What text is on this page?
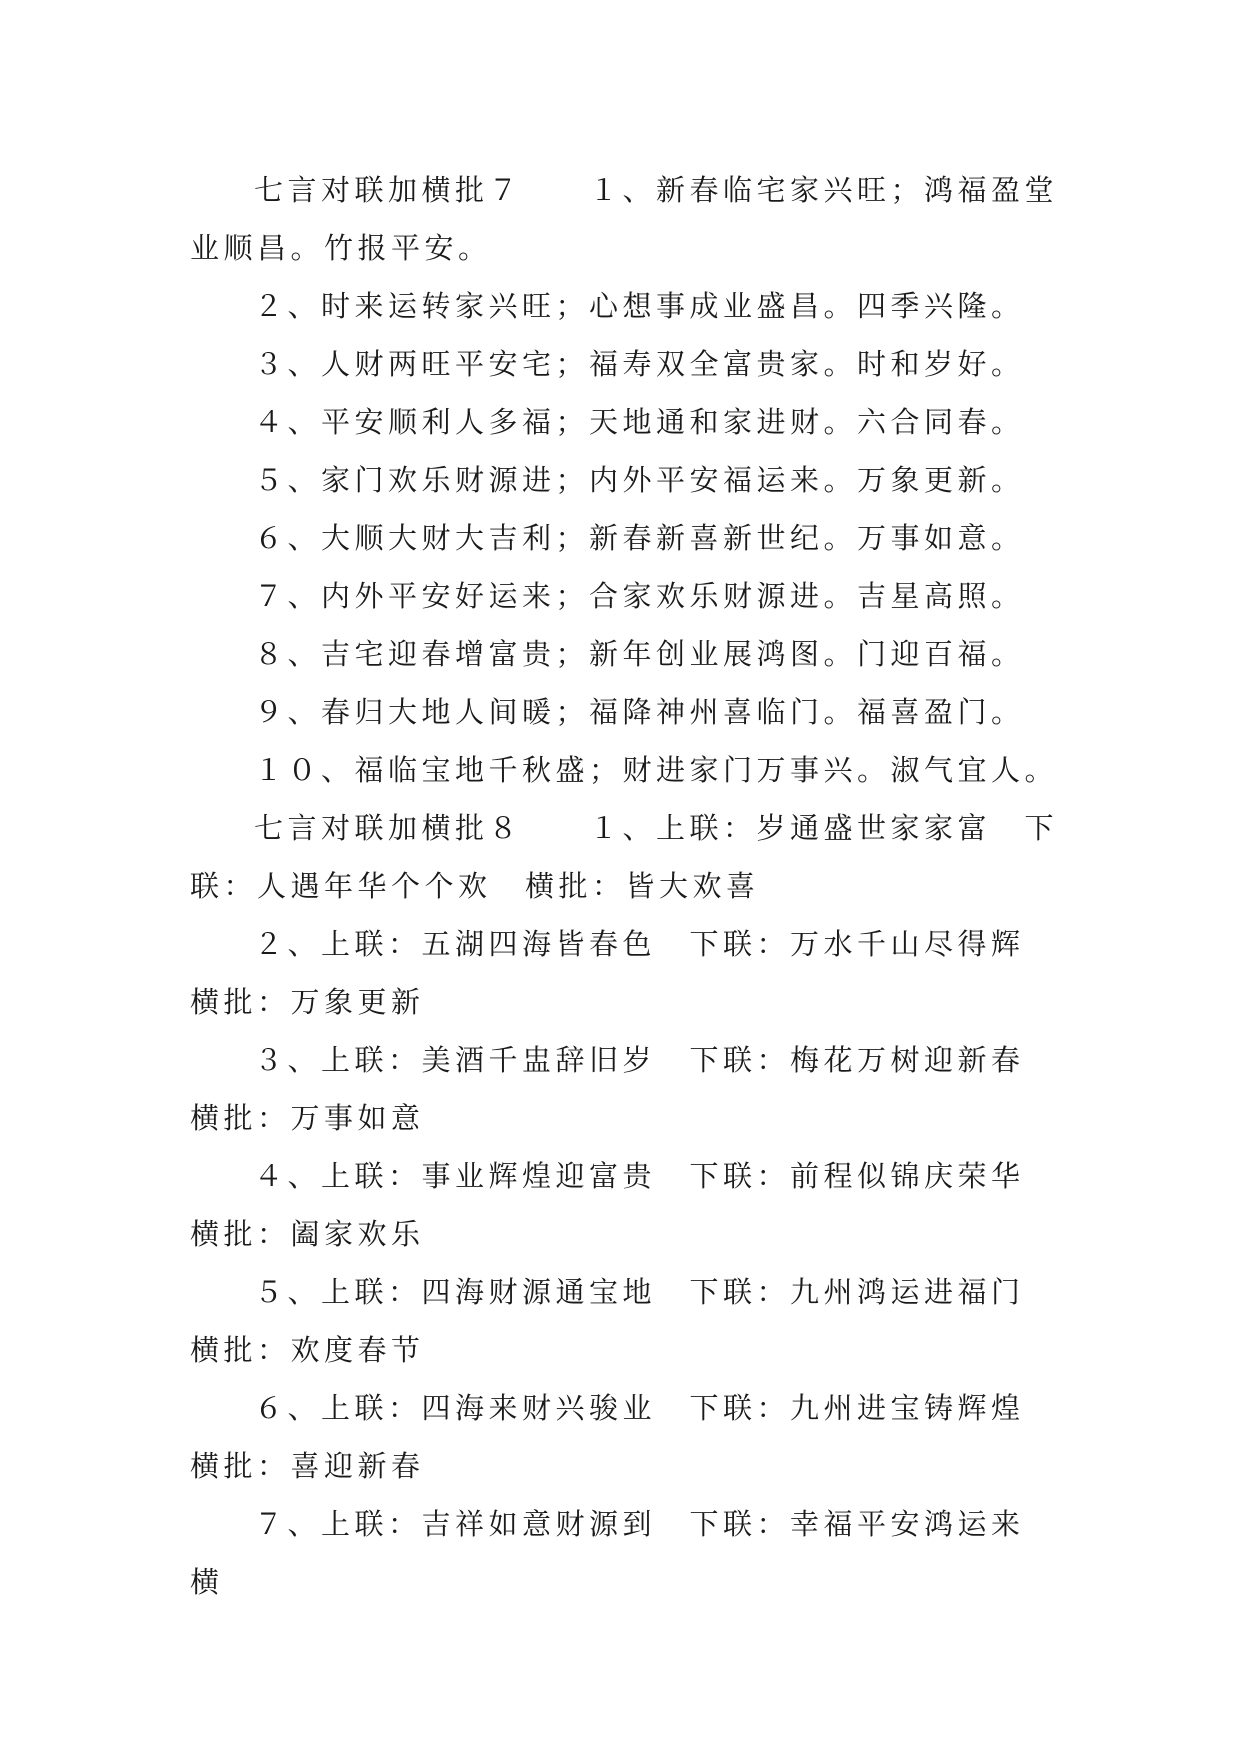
七言对联加横批７　　１、新春临宅家兴旺；鸿福盈堂业顺昌。竹报平安。

２、时来运转家兴旺；心想事成业盛昌。四季兴隆。

３、人财两旺平安宅；福寿双全富贵家。时和岁好。

４、平安顺利人多福；天地通和家进财。六合同春。

５、家门欢乐财源进；内外平安福运来。万象更新。

６、大顺大财大吉利；新春新喜新世纪。万事如意。

７、内外平安好运来；合家欢乐财源进。吉星高照。

８、吉宅迎春增富贵；新年创业展鸿图。门迎百福。

９、春归大地人间暖；福降神州喜临门。福喜盈门。

１０、福临宝地千秋盛；财进家门万事兴。淑气宜人。

七言对联加横批８　　１、上联：岁通盛世家家富　下联：人遇年华个个欢　横批：皆大欢喜

２、上联：五湖四海皆春色　下联：万水千山尽得辉　横批：万象更新

３、上联：美酒千盅辞旧岁　下联：梅花万树迎新春　横批：万事如意

４、上联：事业辉煌迎富贵　下联：前程似锦庆荣华　横批：阖家欢乐

５、上联：四海财源通宝地　下联：九州鸿运进福门　横批：欢度春节

６、上联：四海来财兴骏业　下联：九州进宝铸辉煌　横批：喜迎新春

７、上联：吉祥如意财源到　下联：幸福平安鸿运来　横
